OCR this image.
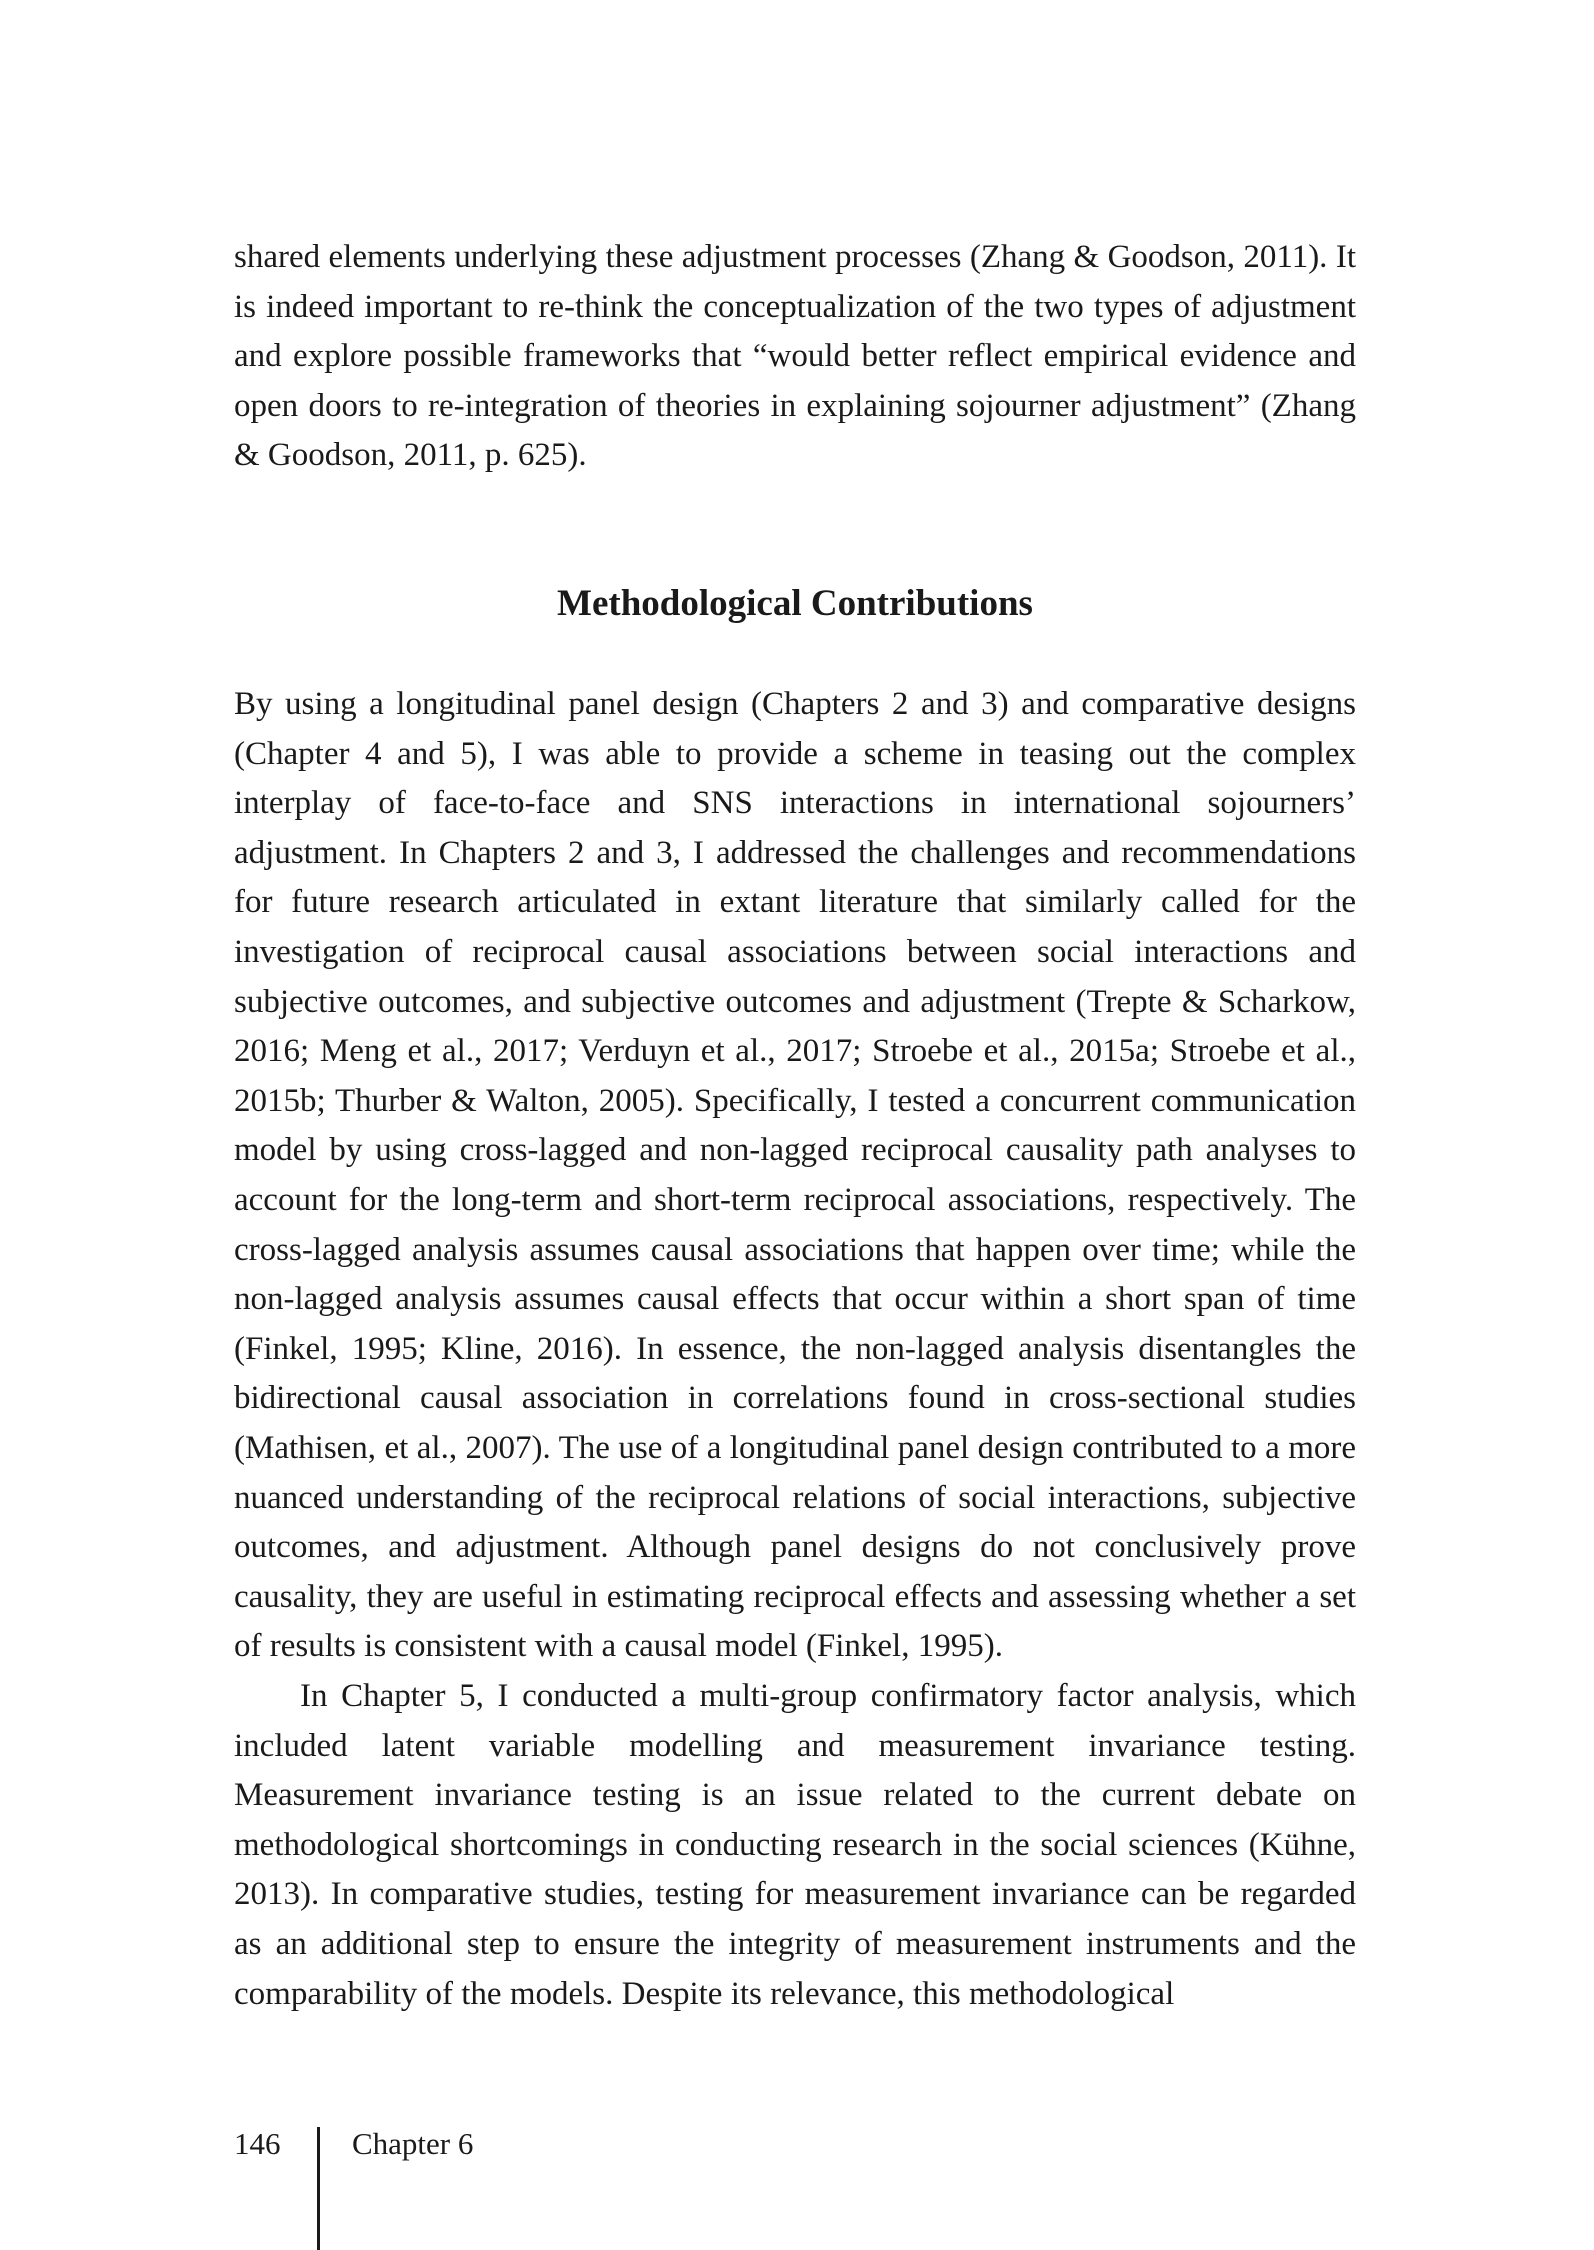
shared elements underlying these adjustment processes (Zhang & Goodson, 2011). It is indeed important to re-think the conceptualization of the two types of adjustment and explore possible frameworks that “would better reflect empirical evidence and open doors to re-integration of theories in explaining sojourner adjustment” (Zhang & Goodson, 2011, p. 625).

Methodological Contributions

By using a longitudinal panel design (Chapters 2 and 3) and comparative designs (Chapter 4 and 5), I was able to provide a scheme in teasing out the complex interplay of face-to-face and SNS interactions in international sojourners’ adjustment. In Chapters 2 and 3, I addressed the challenges and recommendations for future research articulated in extant literature that similarly called for the investigation of reciprocal causal associations between social interactions and subjective outcomes, and subjective outcomes and adjustment (Trepte & Scharkow, 2016; Meng et al., 2017; Verduyn et al., 2017; Stroebe et al., 2015a; Stroebe et al., 2015b; Thurber & Walton, 2005). Specifically, I tested a concurrent communication model by using cross-lagged and non-lagged reciprocal causality path analyses to account for the long-term and short-term reciprocal associations, respectively. The cross-lagged analysis assumes causal associations that happen over time; while the non-lagged analysis assumes causal effects that occur within a short span of time (Finkel, 1995; Kline, 2016). In essence, the non-lagged analysis disentangles the bidirectional causal association in correlations found in cross-sectional studies (Mathisen, et al., 2007). The use of a longitudinal panel design contributed to a more nuanced understanding of the reciprocal relations of social interactions, subjective outcomes, and adjustment. Although panel designs do not conclusively prove causality, they are useful in estimating reciprocal effects and assessing whether a set of results is consistent with a causal model (Finkel, 1995).

In Chapter 5, I conducted a multi-group confirmatory factor analysis, which included latent variable modelling and measurement invariance testing. Measurement invariance testing is an issue related to the current debate on methodological shortcomings in conducting research in the social sciences (Kühne, 2013). In comparative studies, testing for measurement invariance can be regarded as an additional step to ensure the integrity of measurement instruments and the comparability of the models. Despite its relevance, this methodological

146 Chapter 6
